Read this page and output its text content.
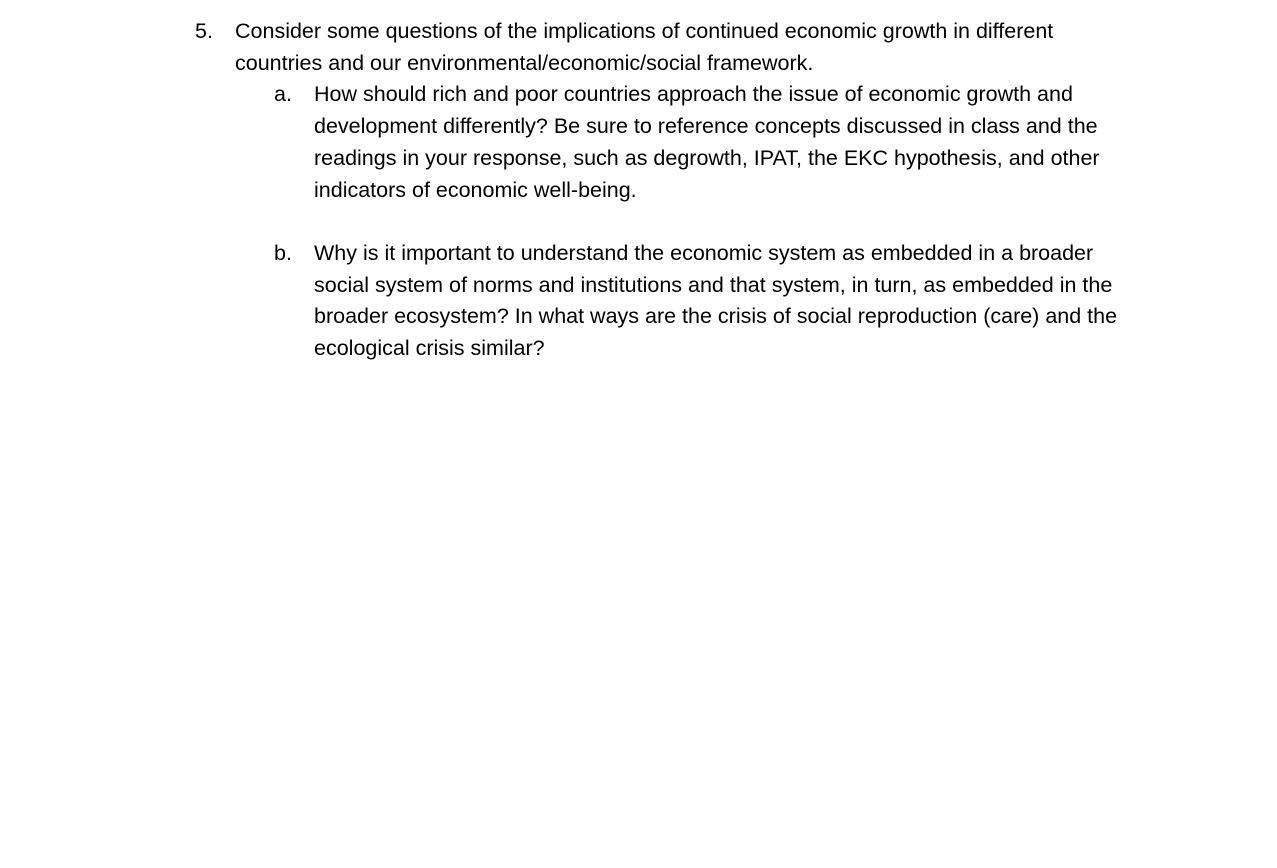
5. Consider some questions of the implications of continued economic growth in different countries and our environmental/economic/social framework.
a. How should rich and poor countries approach the issue of economic growth and development differently? Be sure to reference concepts discussed in class and the readings in your response, such as degrowth, IPAT, the EKC hypothesis, and other indicators of economic well-being.
b. Why is it important to understand the economic system as embedded in a broader social system of norms and institutions and that system, in turn, as embedded in the broader ecosystem? In what ways are the crisis of social reproduction (care) and the ecological crisis similar?
